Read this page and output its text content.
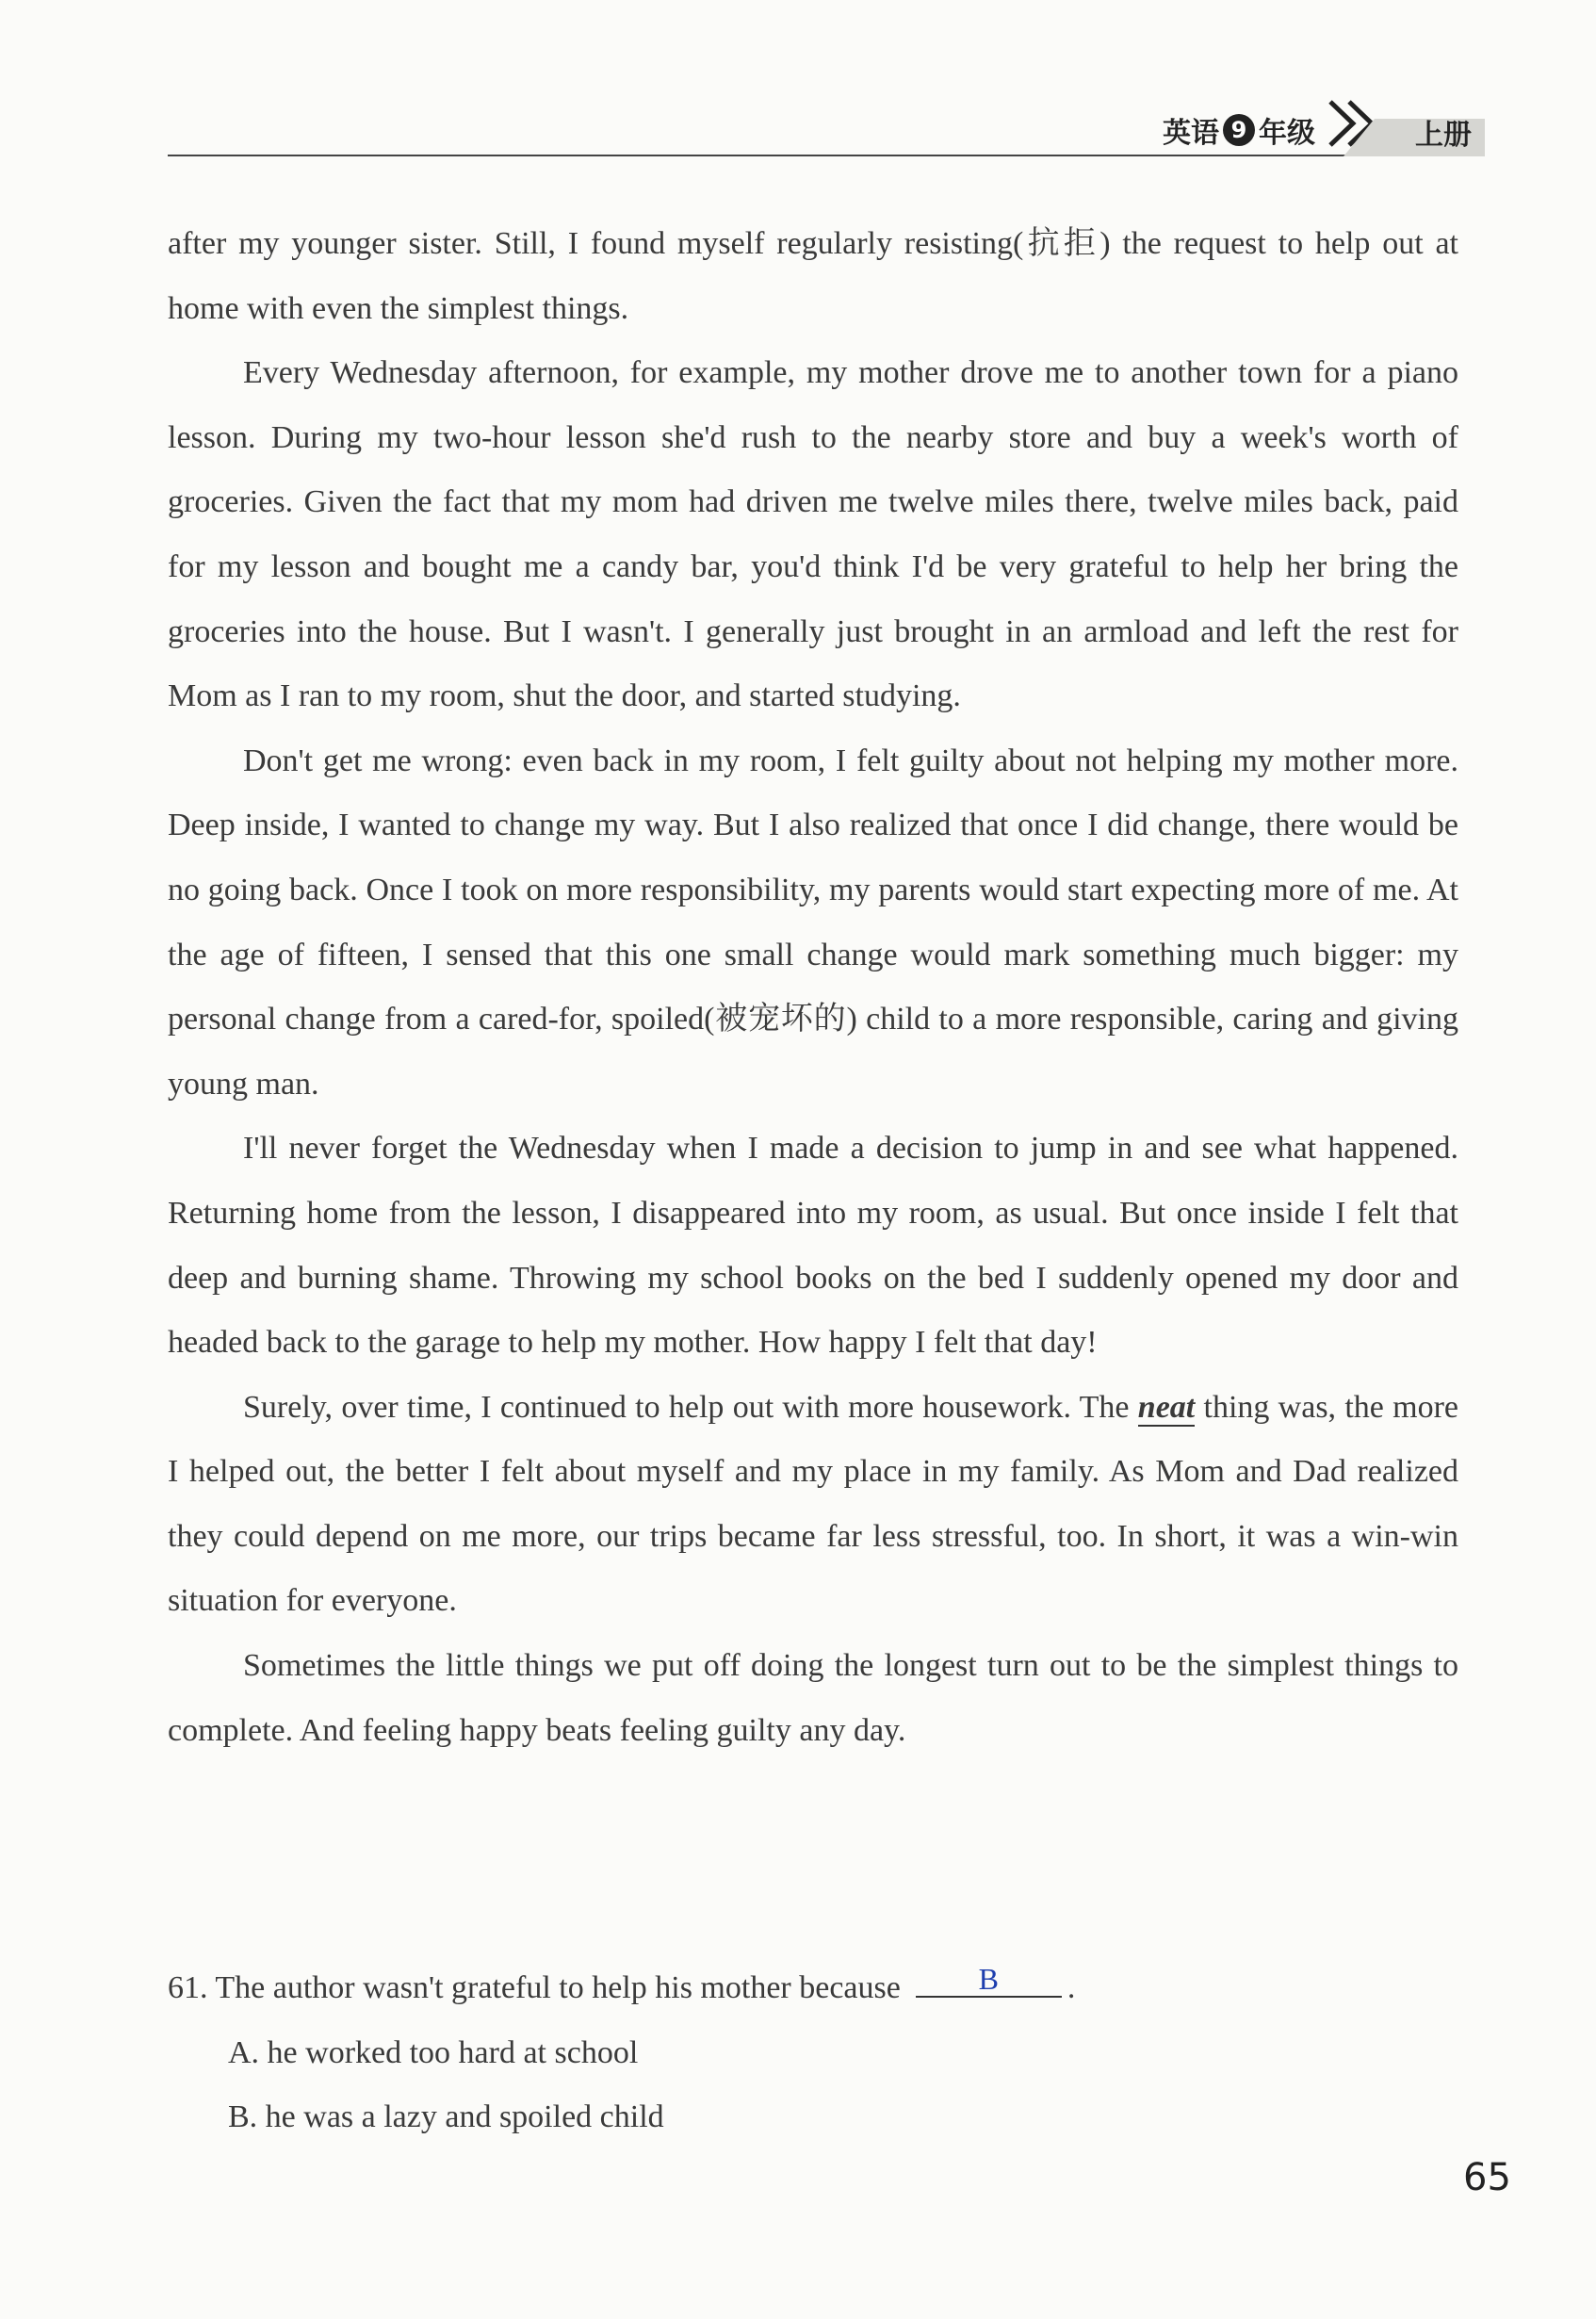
英语 9 年级	上册

after my younger sister. Still, I found myself regularly resisting(抗拒) the request to help out at home with even the simplest things.

Every Wednesday afternoon, for example, my mother drove me to another town for a piano lesson. During my two-hour lesson she'd rush to the nearby store and buy a week's worth of groceries. Given the fact that my mom had driven me twelve miles there, twelve miles back, paid for my lesson and bought me a candy bar, you'd think I'd be very grateful to help her bring the groceries into the house. But I wasn't. I generally just brought in an armload and left the rest for Mom as I ran to my room, shut the door, and started studying.

Don't get me wrong: even back in my room, I felt guilty about not helping my mother more. Deep inside, I wanted to change my way. But I also realized that once I did change, there would be no going back. Once I took on more responsibility, my parents would start expecting more of me. At the age of fifteen, I sensed that this one small change would mark something much bigger: my personal change from a cared-for, spoiled(被宠坏的) child to a more responsible, caring and giving young man.

I'll never forget the Wednesday when I made a decision to jump in and see what happened. Returning home from the lesson, I disappeared into my room, as usual. But once inside I felt that deep and burning shame. Throwing my school books on the bed I suddenly opened my door and headed back to the garage to help my mother. How happy I felt that day!

Surely, over time, I continued to help out with more housework. The neat thing was, the more I helped out, the better I felt about myself and my place in my family. As Mom and Dad realized they could depend on me more, our trips became far less stressful, too. In short, it was a win-win situation for everyone.

Sometimes the little things we put off doing the longest turn out to be the simplest things to complete. And feeling happy beats feeling guilty any day.

61. The author wasn't grateful to help his mother because	B	.
A. he worked too hard at school
B. he was a lazy and spoiled child
65
